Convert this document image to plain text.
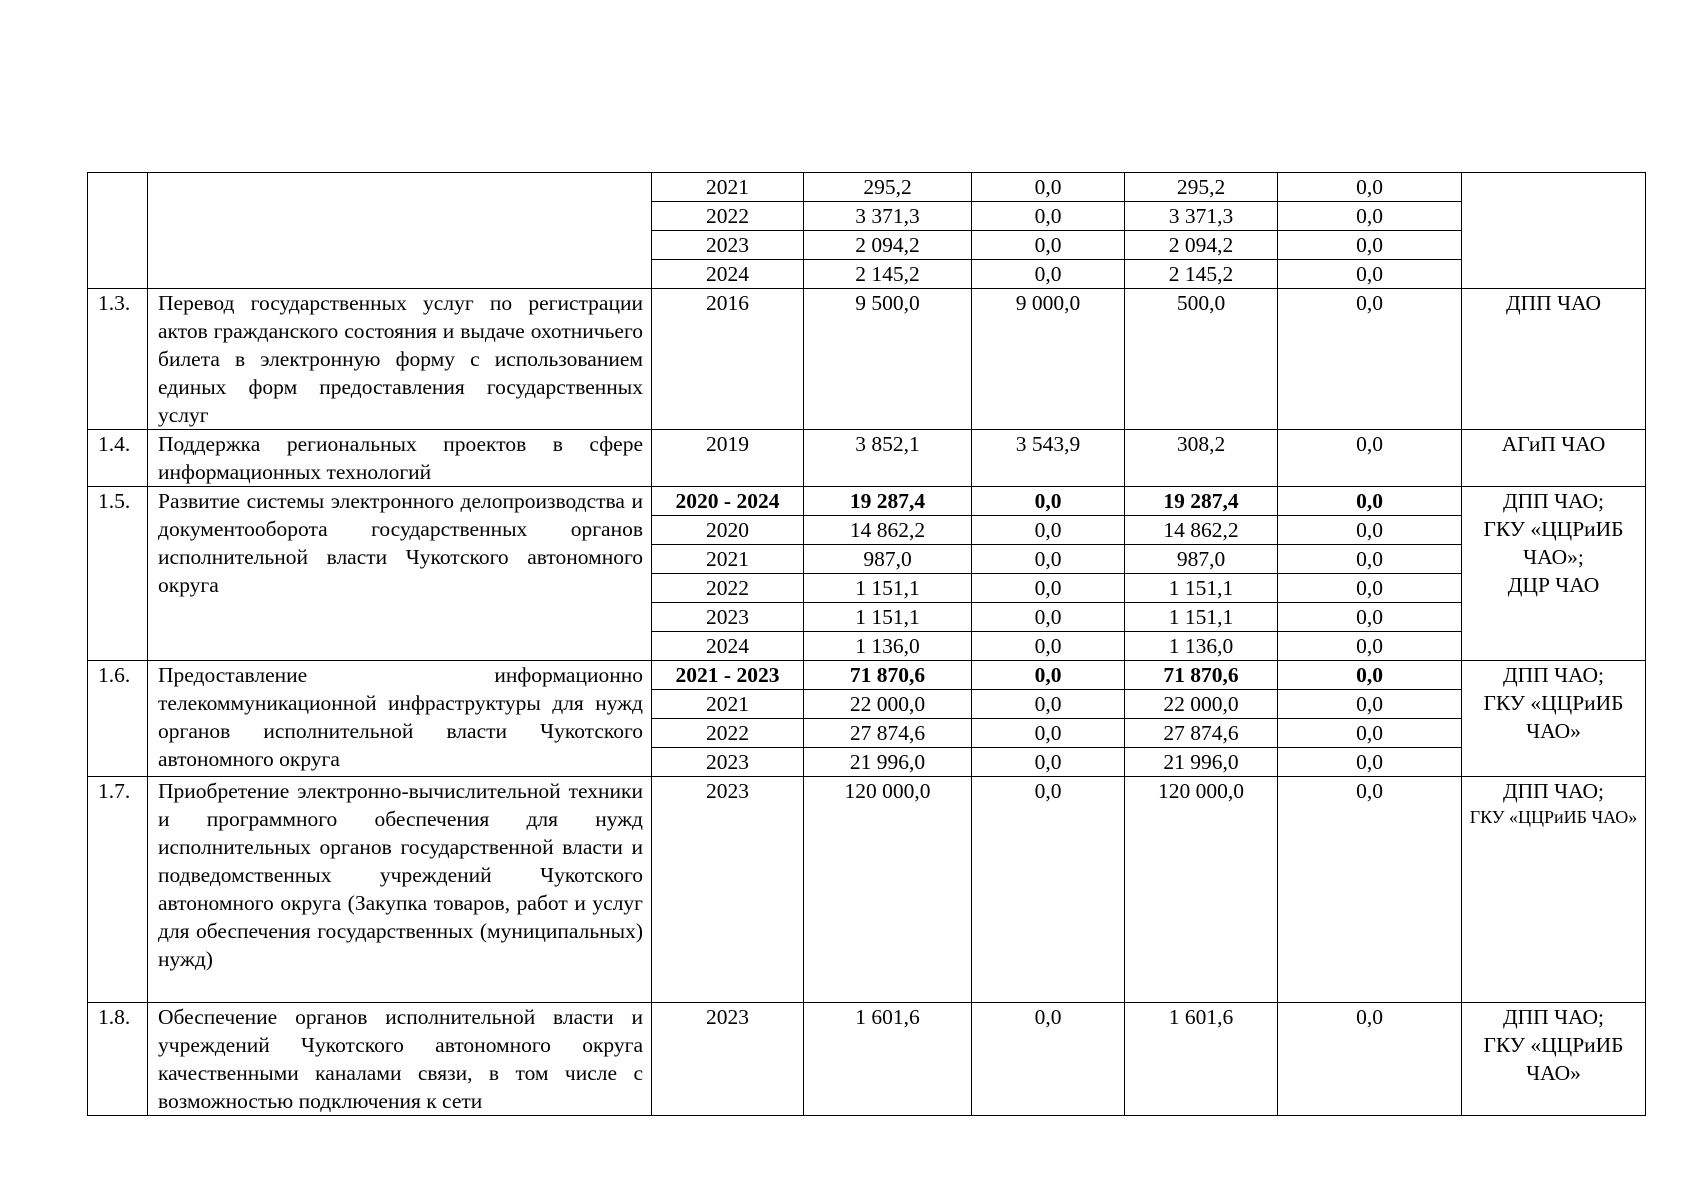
		2021	295,2	0,0	295,2	0,0	
		2022	3 371,3	0,0	3 371,3	0,0	
		2023	2 094,2	0,0	2 094,2	0,0	
		2024	2 145,2	0,0	2 145,2	0,0	
1.3.	Перевод государственных услуг по регистрации актов гражданского состояния и выдаче охотничьего билета в электронную форму с использованием единых форм предоставления государственных услуг	2016	9 500,0	9 000,0	500,0	0,0	ДПП ЧАО
1.4.	Поддержка региональных проектов в сфере информационных технологий	2019	3 852,1	3 543,9	308,2	0,0	АГиП ЧАО
1.5.	Развитие системы электронного делопроизводства и документооборота государственных органов исполнительной власти Чукотского автономного округа	2020 - 2024	19 287,4	0,0	19 287,4	0,0	ДПП ЧАО;
ГКУ «ЦЦРиИБ ЧАО»;
ДЦР ЧАО

		2020	14 862,2	0,0	14 862,2	0,0	
		2021	987,0	0,0	987,0	0,0	
		2022	1 151,1	0,0	1 151,1	0,0	
		2023	1 151,1	0,0	1 151,1	0,0	
		2024	1 136,0	0,0	1 136,0	0,0	
1.6.	Предоставление информационно телекоммуникационной инфраструктуры для нужд органов исполнительной власти Чукотского автономного округа	2021 - 2023	71 870,6	0,0	71 870,6	0,0	ДПП ЧАО;
ГКУ «ЦЦРиИБ ЧАО»

		2021	22 000,0	0,0	22 000,0	0,0	
		2022	27 874,6	0,0	27 874,6	0,0	
		2023	21 996,0	0,0	21 996,0	0,0	
1.7.	Приобретение электронно-вычислительной техники и программного обеспечения для нужд исполнительных органов государственной власти и подведомственных учреждений Чукотского автономного округа (Закупка товаров, работ и услуг для обеспечения государственных (муниципальных) нужд)	2023	120 000,0	0,0	120 000,0	0,0	ДПП ЧАО;
ГКУ «ЦЦРиИБ ЧАО»

1.8.	Обеспечение органов исполнительной власти и учреждений Чукотского автономного округа качественными каналами связи, в том числе с возможностью подключения к сети	2023	1 601,6	0,0	1 601,6	0,0	ДПП ЧАО;
ГКУ «ЦЦРиИБ ЧАО»
